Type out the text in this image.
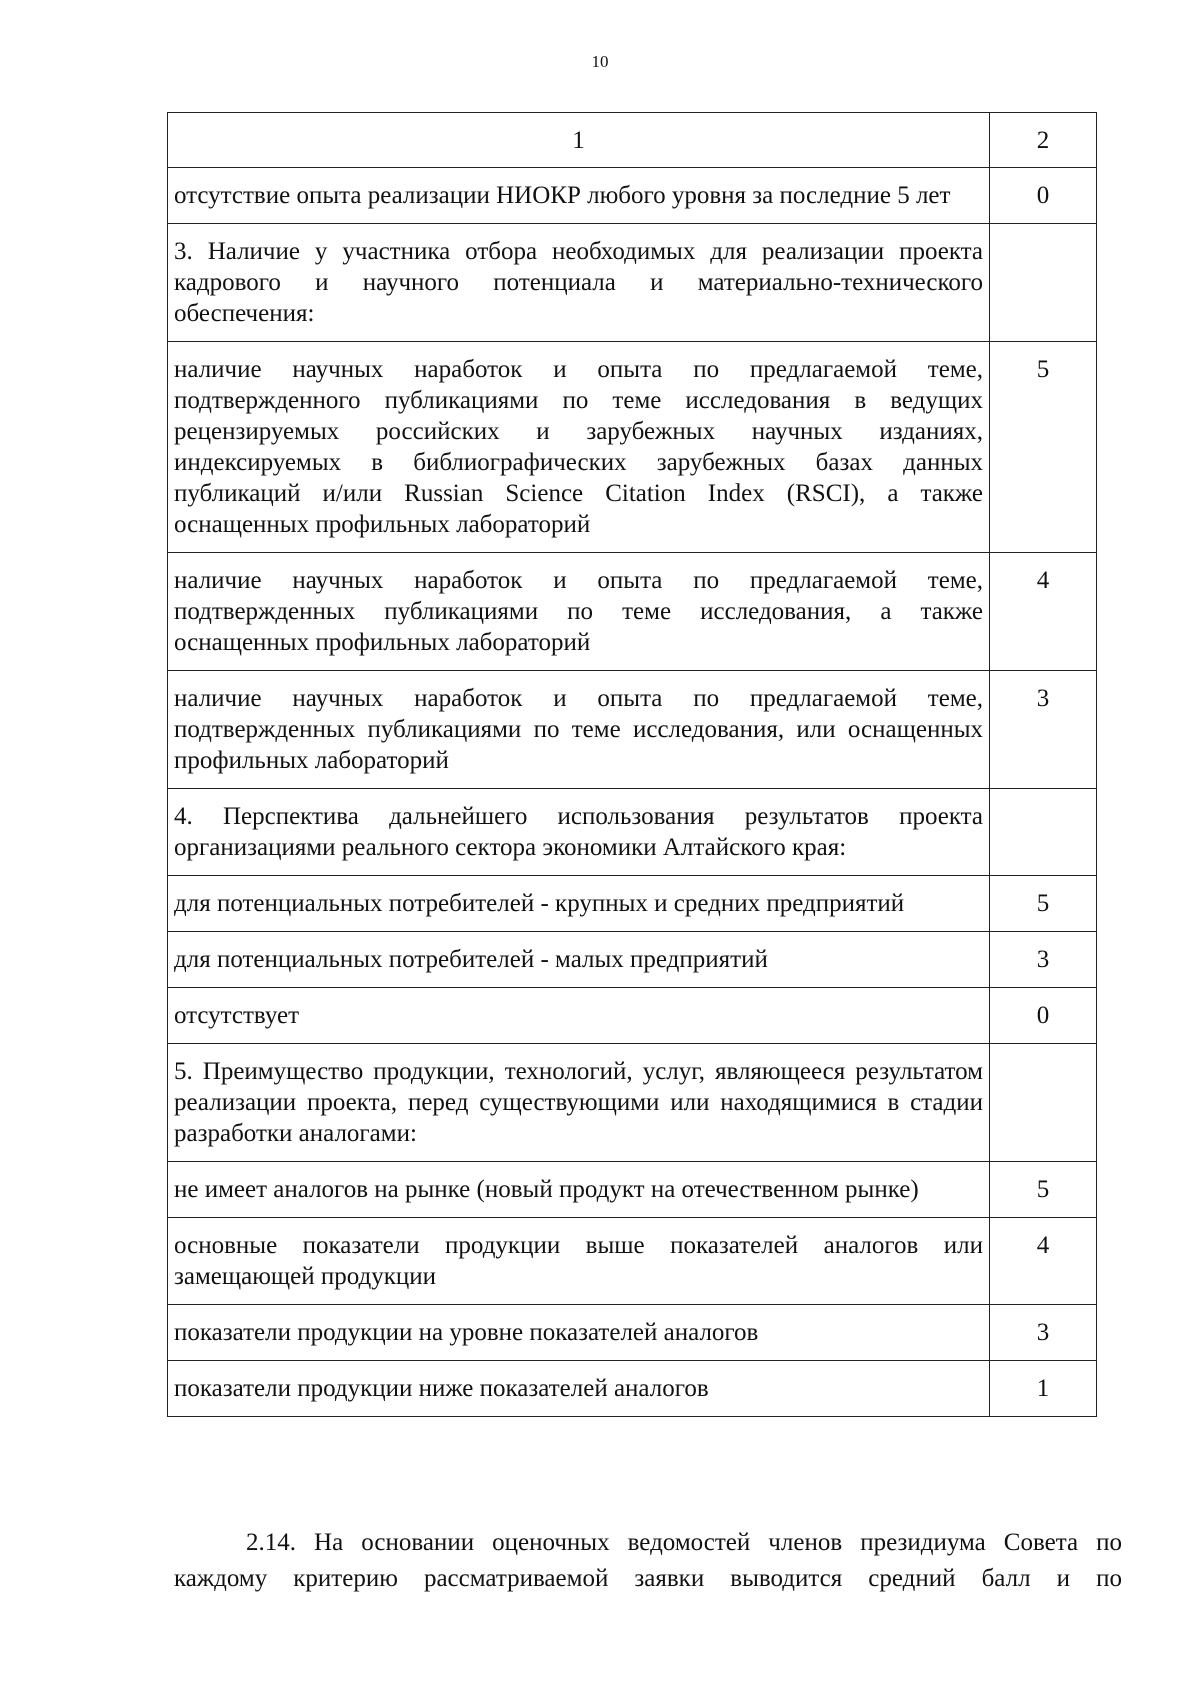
10
1	2
отсутствие опыта реализации НИОКР любого уровня за последние 5 лет	0
3. Наличие у участника отбора необходимых для реализации проекта кадрового и научного потенциала и материально-технического обеспечения:	
наличие научных наработок и опыта по предлагаемой теме, подтвержденного публикациями по теме исследования в ведущих рецензируемых российских и зарубежных научных изданиях, индексируемых в библиографических зарубежных базах данных публикаций и/или Russian Science Citation Index (RSCI), а также оснащенных профильных лабораторий	5
наличие научных наработок и опыта по предлагаемой теме, подтвержденных публикациями по теме исследования, а также оснащенных профильных лабораторий	4
наличие научных наработок и опыта по предлагаемой теме, подтвержденных публикациями по теме исследования, или оснащенных профильных лабораторий	3
4. Перспектива дальнейшего использования результатов проекта организациями реального сектора экономики Алтайского края:	
для потенциальных потребителей - крупных и средних предприятий	5
для потенциальных потребителей - малых предприятий	3
отсутствует	0
5. Преимущество продукции, технологий, услуг, являющееся результатом реализации проекта, перед существующими или находящимися в стадии разработки аналогами:	
не имеет аналогов на рынке (новый продукт на отечественном рынке)	5
основные показатели продукции выше показателей аналогов или замещающей продукции	4
показатели продукции на уровне показателей аналогов	3
показатели продукции ниже показателей аналогов	1

2.14. На основании оценочных ведомостей членов президиума Совета по каждому критерию рассматриваемой заявки выводится средний балл и по
